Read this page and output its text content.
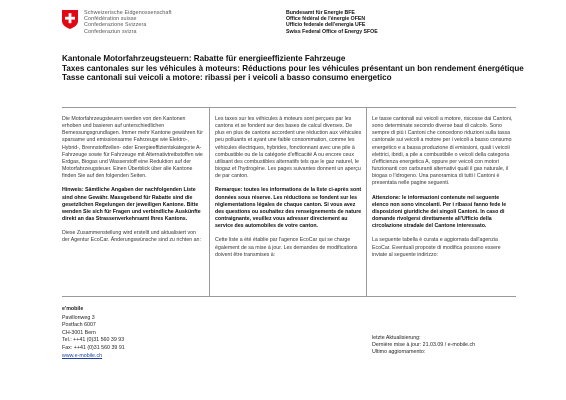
Schweizerische Eidgenossenschaft
Confédération suisse
Confederazione Svizzera
Confederaziun svizra
Bundesamt für Energie BFE
Office fédéral de l'énergie OFEN
Ufficio federale dell'energia UFE
Swiss Federal Office of Energy SFOE
Kantonale Motorfahrzeugsteuern: Rabatte für energieeffiziente Fahrzeuge
Taxes cantonales sur les véhicules à moteurs: Réductions pour les véhicules présentant un bon rendement énergétique
Tasse cantonali sui veicoli a motore: ribassi per i veicoli a basso consumo energetico

Die Motorfahrzeugsteuern werden von den Kantonen erhoben und basieren auf unterschiedlichen Bemessungsgrundlagen. Immer mehr Kantone gewähren für sparsame und emissionsarme Fahrzeuge wie Elektro-, Hybrid-, Brennstoffzellen- oder Energieeffizientskategorie A-Fahrzeuge sowie für Fahrzeuge mit Alternativtreibstoffen wie Erdgas, Biogas und Wasserstoff eine Reduktion auf der Motorfahrzeugsteuer. Einen Überblick über alle Kantone finden Sie auf den folgenden Seiten.

Hinweis: Sämtliche Angaben der nachfolgenden Liste sind ohne Gewähr. Massgebend für Rabatte sind die gesetzlichen Regelungen der jeweiligen Kantone. Bitte wenden Sie sich für Fragen und verbindliche Auskünfte direkt an das Strassenverkehrsamt Ihres Kantons.

Diese Zusammenstellung wird erstellt und aktualisiert von der Agentur EcoCar. Änderungswünsche sind zu richten an:

Les taxes sur les véhicules à moteurs sont perçues par les cantons et se fondent sur des bases de calcul diverses. De plus en plus de cantons accordent une réduction aux véhicules peu polluants et ayant une faible consommation, comme les véhicules électriques, hybrides, fonctionnant avec une pile à combustible ou de la catégorie d'efficacité A ou encore ceux utilisant des combustibles alternatifs tels que le gaz naturel, le biogaz et l'hydrogène. Les pages suivantes donnent un aperçu de par canton.

Remarque: toutes les informations de la liste ci-après sont données sous réserve. Les réductions se fondent sur les réglementations légales de chaque canton. Si vous avez des questions ou souhaitez des renseignements de nature contraignante, veuillez vous adresser directement au service des automobiles de votre canton.

Cette liste a été établie par l'agence EcoCar qui se charge également de sa mise à jour. Les demandes de modifications doivent être transmises à:

Le tasse cantonali sui veicoli a motore, riscosse dai Cantoni, sono determinate secondo diverse basi di calcolo. Sono sempre di più i Cantoni che concedono riduzioni sulla tassa cantonale sui veicoli a motore per i veicoli a basso consumo energetico e a bassa produzione di emissioni, quali i veicoli elettrici, ibridi, a pile a combustibile o veicoli della categoria d'efficienza energetica A, oppure per veicoli con motori funzionanti con carburanti alternativi quali il gas naturale, il biogas o l'idrogeno. Una panoramica di tutti i Cantoni è presentata nelle pagine seguenti.

Attenzione: le informazioni contenute nel seguente elenco non sono vincolanti. Per i ribassi fanno fede le disposizioni giuridiche dei singoli Cantoni. In caso di domande rivolgersi direttamente all'Ufficio della circolazione stradale del Cantone interessato.

La seguente tabella è curata e aggiornata dall'agenzia EcoCar. Eventuali proposte di modifica possono essere inviate al seguente indirizzo:

e'mobile
Pavillonweg 3
Postfach 6007
CH-3001 Bern
Tel.: ++41 (0)31 560 39 93
Fax: ++41 (0)31 560 39 91
www.e-mobile.ch
letzte Aktualisierung:
Dernière mise à jour: 21.03.09 / e-mobile.ch
Ultimo aggiornamento:
